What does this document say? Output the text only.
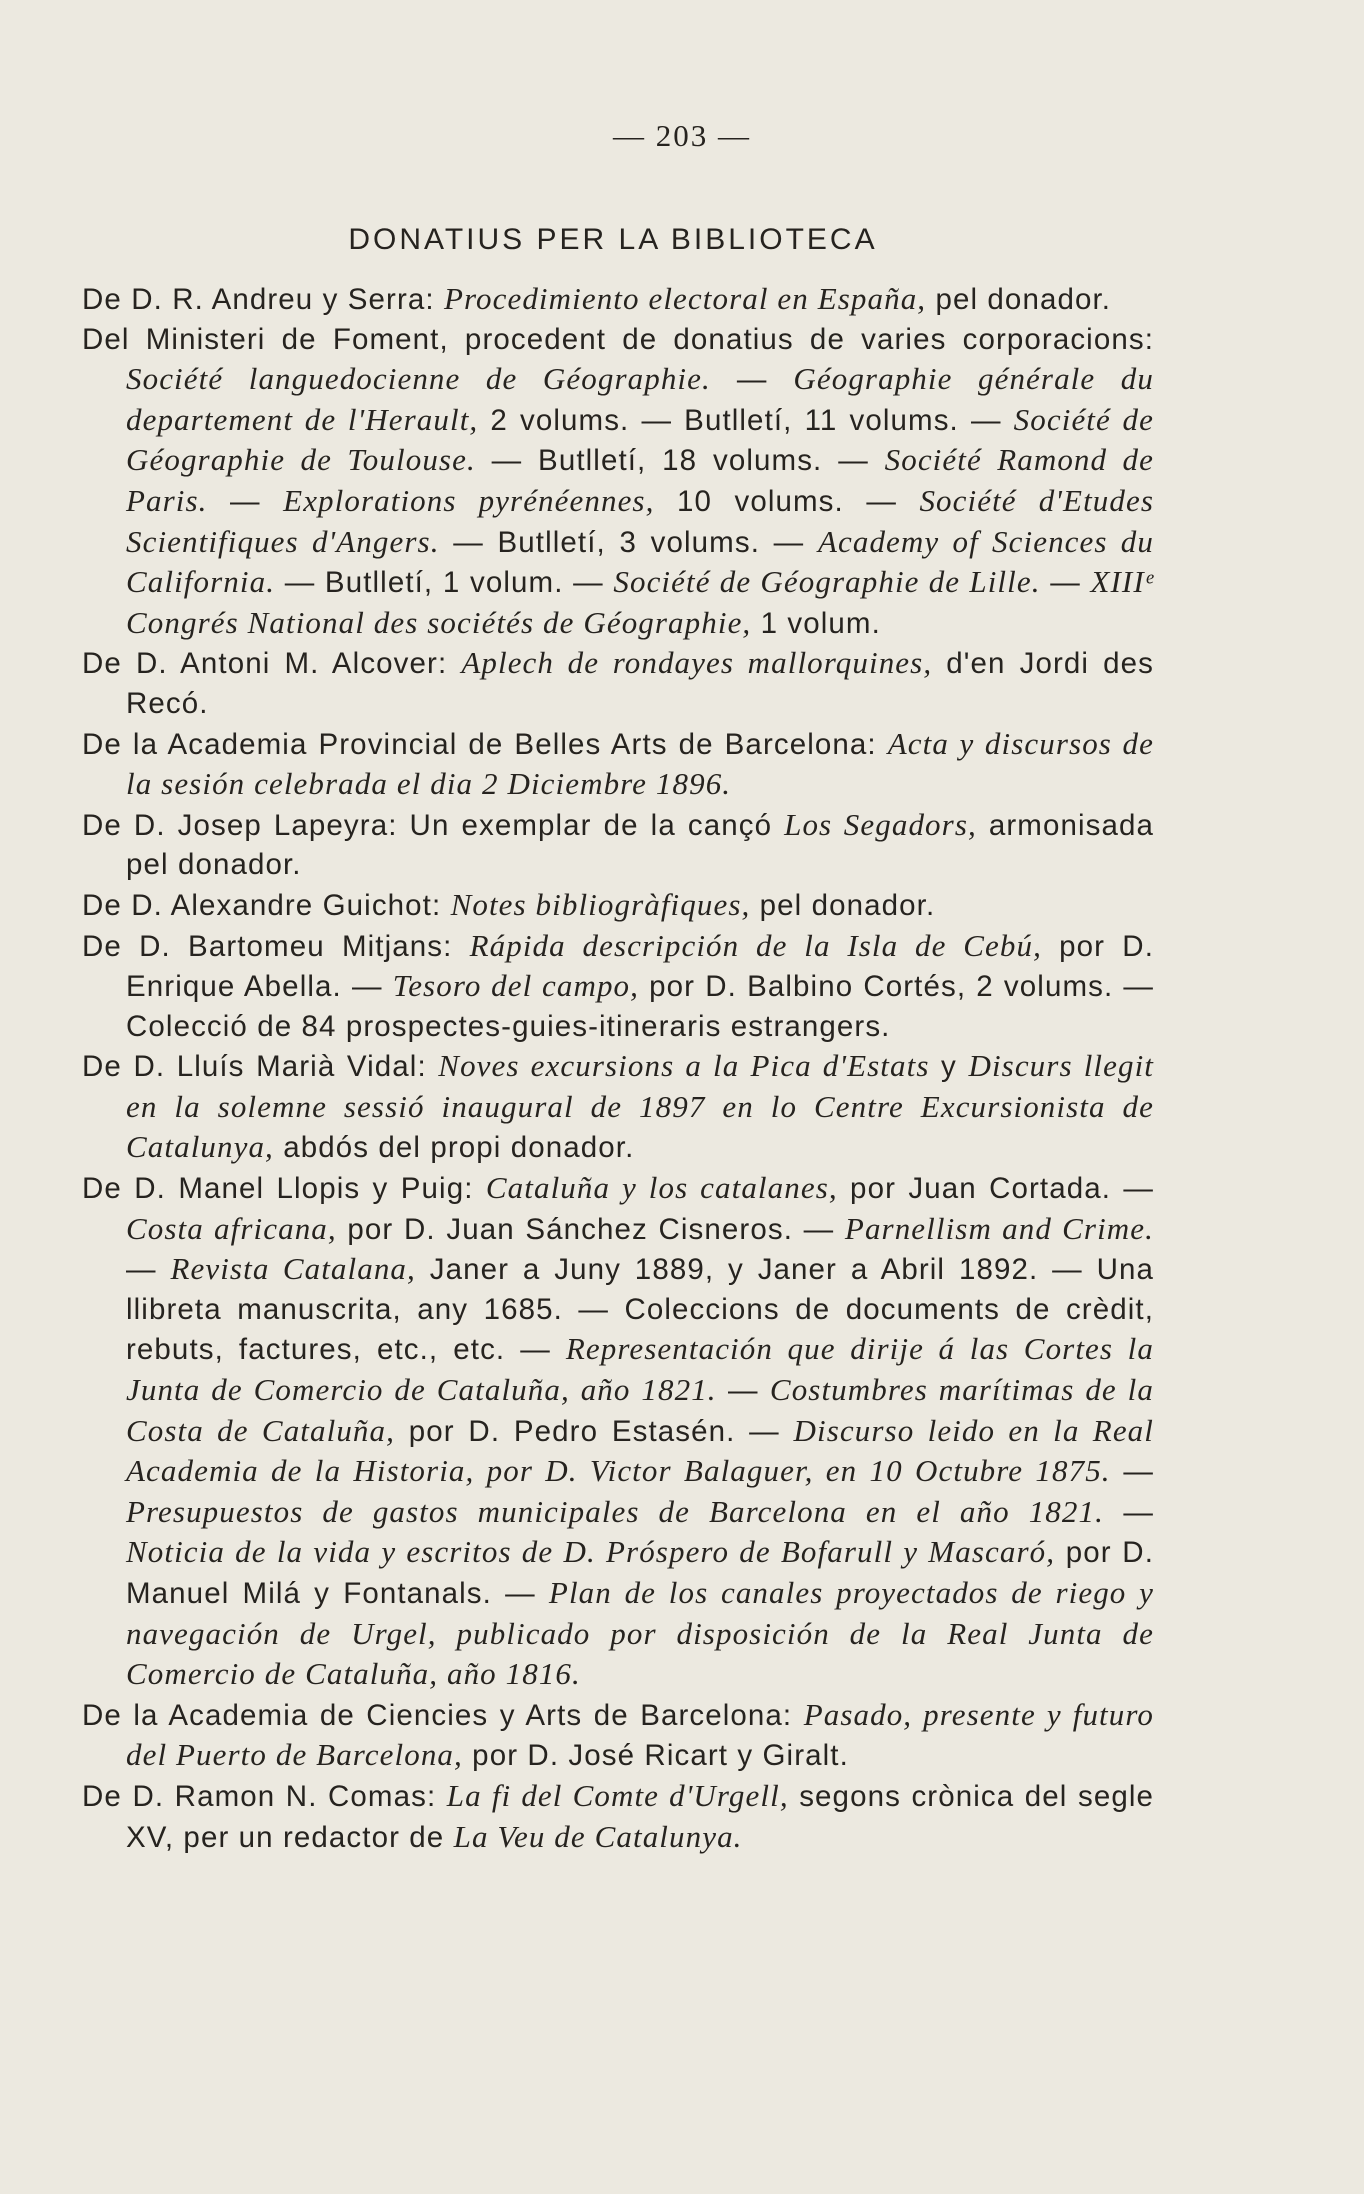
— 203 —
DONATIUS PER LA BIBLIOTECA

De D. R. Andreu y Serra: Procedimiento electoral en España, pel donador.

Del Ministeri de Foment, procedent de donatius de varies corporacions: Société languedocienne de Géographie. — Géographie générale du departement de l'Herault, 2 volums. — Butlletí, 11 volums. — Société de Géographie de Toulouse. — Butlletí, 18 volums. — Société Ramond de Paris. — Explorations pyrénéennes, 10 volums. — Société d'Etudes Scientifiques d'Angers. — Butlletí, 3 volums. — Academy of Sciences du California. — Butlletí, 1 volum. — Société de Géographie de Lille. — XIIIᵉ Congrés National des sociétés de Géographie, 1 volum.

De D. Antoni M. Alcover: Aplech de rondayes mallorquines, d'en Jordi des Recó.

De la Academia Provincial de Belles Arts de Barcelona: Acta y discursos de la sesión celebrada el dia 2 Diciembre 1896.

De D. Josep Lapeyra: Un exemplar de la cançó Los Segadors, armonisada pel donador.

De D. Alexandre Guichot: Notes bibliogràfiques, pel donador.

De D. Bartomeu Mitjans: Rápida descripción de la Isla de Cebú, por D. Enrique Abella. — Tesoro del campo, por D. Balbino Cortés, 2 volums. — Colecció de 84 prospectes-guies-itineraris estrangers.

De D. Lluís Marià Vidal: Noves excursions a la Pica d'Estats y Discurs llegit en la solemne sessió inaugural de 1897 en lo Centre Excursionista de Catalunya, abdós del propi donador.

De D. Manel Llopis y Puig: Cataluña y los catalanes, por Juan Cortada. — Costa africana, por D. Juan Sánchez Cisneros. — Parnellism and Crime. — Revista Catalana, Janer a Juny 1889, y Janer a Abril 1892. — Una llibreta manuscrita, any 1685. — Coleccions de documents de crèdit, rebuts, factures, etc., etc. — Representación que dirije á las Cortes la Junta de Comercio de Cataluña, año 1821. — Costumbres marítimas de la Costa de Cataluña, por D. Pedro Estasén. — Discurso leido en la Real Academia de la Historia, por D. Victor Balaguer, en 10 Octubre 1875. — Presupuestos de gastos municipales de Barcelona en el año 1821. — Noticia de la vida y escritos de D. Próspero de Bofarull y Mascaró, por D. Manuel Milá y Fontanals. — Plan de los canales proyectados de riego y navegación de Urgel, publicado por disposición de la Real Junta de Comercio de Cataluña, año 1816.

De la Academia de Ciencies y Arts de Barcelona: Pasado, presente y futuro del Puerto de Barcelona, por D. José Ricart y Giralt.

De D. Ramon N. Comas: La fi del Comte d'Urgell, segons crònica del segle XV, per un redactor de La Veu de Catalunya.
